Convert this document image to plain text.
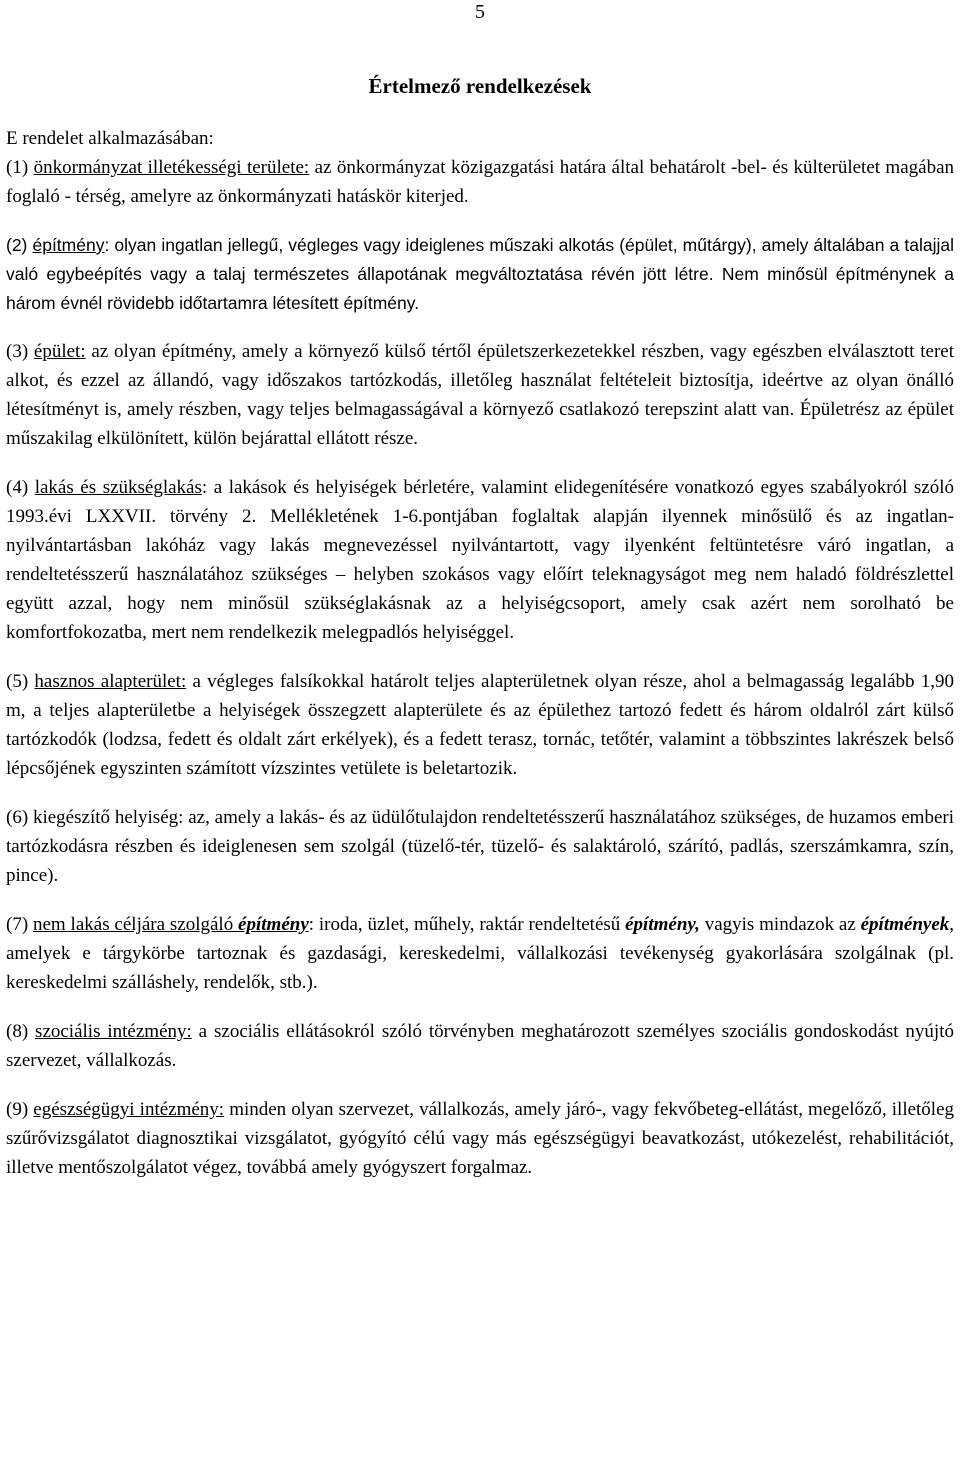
5
Értelmező rendelkezések

E rendelet alkalmazásában:

(1) önkormányzat illetékességi területe: az önkormányzat közigazgatási határa által behatárolt -bel- és külterületet magában foglaló - térség, amelyre az önkormányzati hatáskör kiterjed.

(2) építmény: olyan ingatlan jellegű, végleges vagy ideiglenes műszaki alkotás (épület, műtárgy), amely általában a talajjal való egybeépítés vagy a talaj természetes állapotának megváltoztatása révén jött létre. Nem minősül építménynek a három évnél rövidebb időtartamra létesített építmény.

(3) épület: az olyan építmény, amely a környező külső tértől épületszerkezetekkel részben, vagy egészben elválasztott teret alkot, és ezzel az állandó, vagy időszakos tartózkodás, illetőleg használat feltételeit biztosítja, ideértve az olyan önálló létesítményt is, amely részben, vagy teljes belmagasságával a környező csatlakozó terepszint alatt van. Épületrész az épület műszakilag elkülönített, külön bejárattal ellátott része.

(4) lakás és szükséglakás: a lakások és helyiségek bérletére, valamint elidegenítésére vonatkozó egyes szabályokról szóló 1993.évi LXXVII. törvény 2. Mellékletének 1-6.pontjában foglaltak alapján ilyennek minősülő és az ingatlan-nyilvántartásban lakóház vagy lakás megnevezéssel nyilvántartott, vagy ilyenként feltüntetésre váró ingatlan, a rendeltetésszerű használatához szükséges – helyben szokásos vagy előírt teleknagyságot meg nem haladó földrészlettel együtt azzal, hogy nem minősül szükséglakásnak az a helyiségcsoport, amely csak azért nem sorolható be komfortfokozatba, mert nem rendelkezik melegpadlós helyiséggel.

(5) hasznos alapterület: a végleges falsíkokkal határolt teljes alapterületnek olyan része, ahol a belmagasság legalább 1,90 m, a teljes alapterületbe a helyiségek összegzett alapterülete és az épülethez tartozó fedett és három oldalról zárt külső tartózkodók (lodzsa, fedett és oldalt zárt erkélyek), és a fedett terasz, tornác, tetőtér, valamint a többszintes lakrészek belső lépcsőjének egyszinten számított vízszintes vetülete is beletartozik.

(6) kiegészítő helyiség: az, amely a lakás- és az üdülőtulajdon rendeltetésszerű használatához szükséges, de huzamos emberi tartózkodásra részben és ideiglenesen sem szolgál (tüzelő-tér, tüzelő- és salaktároló, szárító, padlás, szerszámkamra, szín, pince).

(7) nem lakás céljára szolgáló építmény: iroda, üzlet, műhely, raktár rendeltetésű építmény, vagyis mindazok az építmények, amelyek e tárgykörbe tartoznak és gazdasági, kereskedelmi, vállalkozási tevékenység gyakorlására szolgálnak (pl. kereskedelmi szálláshely, rendelők, stb.).

(8) szociális intézmény: a szociális ellátásokról szóló törvényben meghatározott személyes szociális gondoskodást nyújtó szervezet, vállalkozás.

(9) egészségügyi intézmény: minden olyan szervezet, vállalkozás, amely járó-, vagy fekvőbeteg-ellátást, megelőző, illetőleg szűrővizsgálatot diagnosztikai vizsgálatot, gyógyító célú vagy más egészségügyi beavatkozást, utókezelést, rehabilitációt, illetve mentőszolgálatot végez, továbbá amely gyógyszert forgalmaz.
